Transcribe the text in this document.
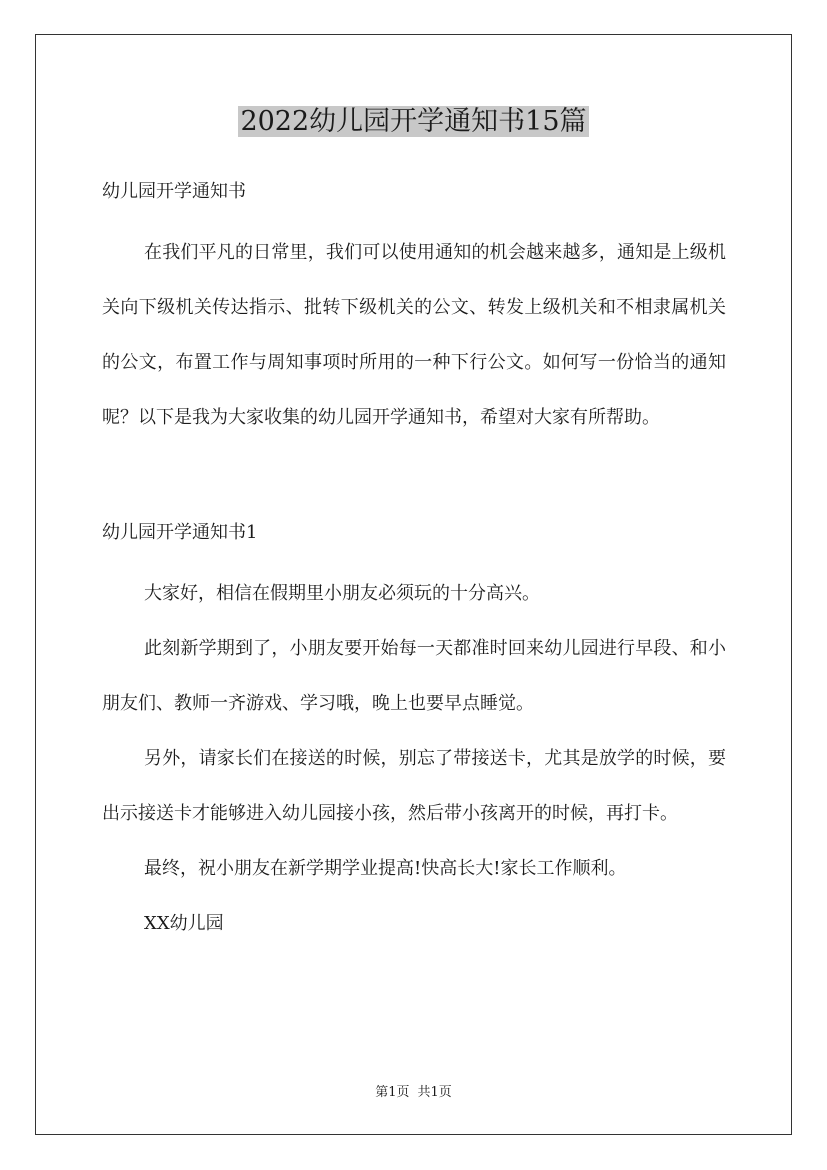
2022幼儿园开学通知书15篇

幼儿园开学通知书

在我们平凡的日常里，我们可以使用通知的机会越来越多，通知是上级机关向下级机关传达指示、批转下级机关的公文、转发上级机关和不相隶属机关的公文，布置工作与周知事项时所用的一种下行公文。如何写一份恰当的通知呢？以下是我为大家收集的幼儿园开学通知书，希望对大家有所帮助。

幼儿园开学通知书1

大家好，相信在假期里小朋友必须玩的十分高兴。

此刻新学期到了，小朋友要开始每一天都准时回来幼儿园进行早段、和小朋友们、教师一齐游戏、学习哦，晚上也要早点睡觉。

另外，请家长们在接送的时候，别忘了带接送卡，尤其是放学的时候，要出示接送卡才能够进入幼儿园接小孩，然后带小孩离开的时候，再打卡。

最终，祝小朋友在新学期学业提高!快高长大!家长工作顺利。

XX幼儿园

第1页 共1页
